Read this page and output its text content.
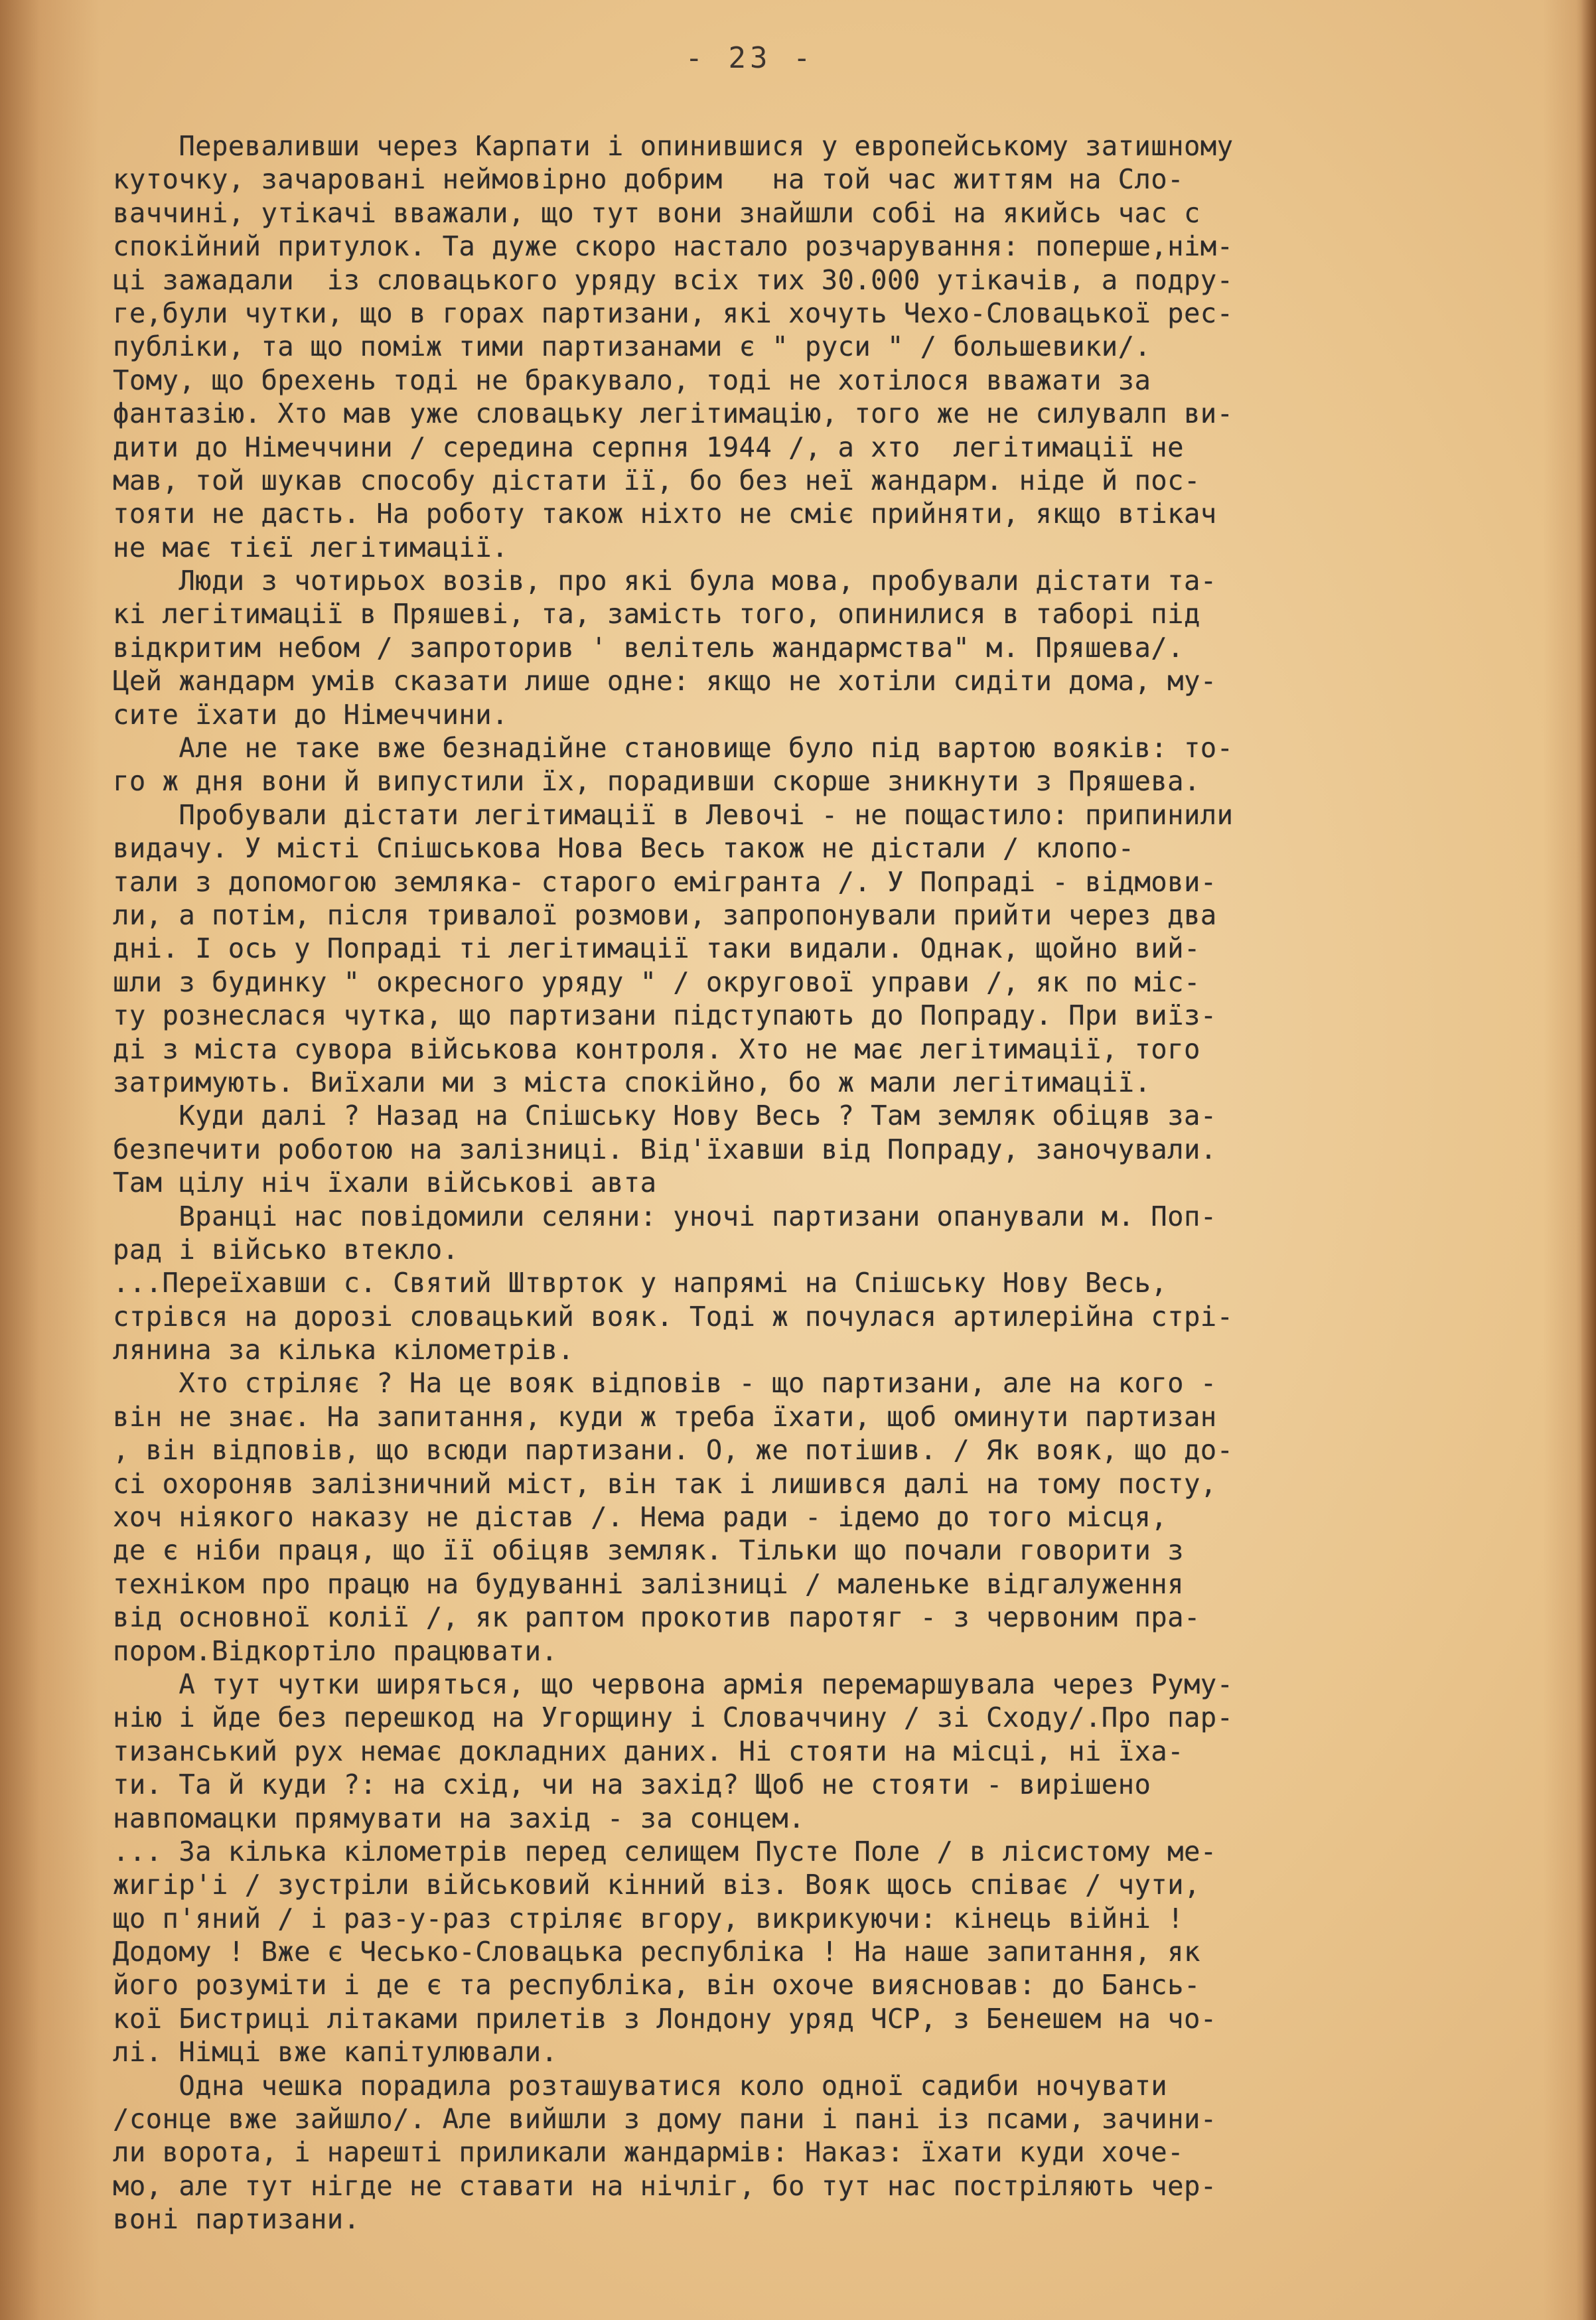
- 23 -
Переваливши через Карпати і опинившися у европейському затишному
куточку, зачаровані неймовірно добрим   на той час життям на Сло-
ваччині, утікачі вважали, що тут вони знайшли собі на якийсь час с
спокійний притулок. Та дуже скоро настало розчарування: поперше,нім-
ці зажадали  із словацького уряду всіх тих 30.000 утікачів, а подру-
ге,були чутки, що в горах партизани, які хочуть Чехо-Словацької рес-
публіки, та що поміж тими партизанами є " руси " / большевики/.
Тому, що брехень тоді не бракувало, тоді не хотілося вважати за
фантазію. Хто мав уже словацьку легітимацію, того же не силувалп ви-
дити до Німеччини / середина серпня 1944 /, а хто  легітимації не
мав, той шукав способу дістати її, бо без неї жандарм. ніде й пос-
тояти не дасть. На роботу також ніхто не сміє прийняти, якщо втікач
не має тієї легітимації.
Люди з чотирьох возів, про які була мова, пробували дістати та-
кі легітимації в Пряшеві, та, замість того, опинилися в таборі під
відкритим небом / запроторив ' велітель жандармства" м. Пряшева/.
Цей жандарм умів сказати лише одне: якщо не хотіли сидіти дома, му-
сите їхати до Німеччини.
Але не таке вже безнадійне становище було під вартою вояків: то-
го ж дня вони й випустили їх, порадивши скорше зникнути з Пряшева.
Пробували дістати легітимації в Левочі - не пощастило: припинили
видачу. У місті Спішськова Нова Весь також не дістали / клопо-
тали з допомогою земляка- старого емігранта /. У Попраді - відмови-
ли, а потім, після тривалої розмови, запропонували прийти через два
дні. І ось у Попраді ті легітимації таки видали. Однак, щойно вий-
шли з будинку " окресного уряду " / округової управи /, як по міс-
ту рознеслася чутка, що партизани підступають до Попраду. При виїз-
ді з міста сувора військова контроля. Хто не має легітимації, того
затримують. Виїхали ми з міста спокійно, бо ж мали легітимації.
Куди далі ? Назад на Спішську Нову Весь ? Там земляк обіцяв за-
безпечити роботою на залізниці. Від'їхавши від Попраду, заночували.
Там цілу ніч їхали військові авта
Вранці нас повідомили селяни: уночі партизани опанували м. Поп-
рад і військо втекло.
...Переїхавши с. Святий Штврток у напрямі на Спішську Нову Весь,
стрівся на дорозі словацький вояк. Тоді ж почулася артилерійна стрі-
лянина за кілька кілометрів.
Хто стріляє ? На це вояк відповів - що партизани, але на кого -
він не знає. На запитання, куди ж треба їхати, щоб оминути партизан
, він відповів, що всюди партизани. О, же потішив. / Як вояк, що до-
сі охороняв залізничний міст, він так і лишився далі на тому посту,
хоч ніякого наказу не дістав /. Нема ради - ідемо до того місця,
де є ніби праця, що її обіцяв земляк. Тільки що почали говорити з
техніком про працю на будуванні залізниці / маленьке відгалуження
від основної колії /, як раптом прокотив паротяг - з червоним пра-
пором.Відкортіло працювати.
А тут чутки ширяться, що червона армія перемаршувала через Руму-
нію і йде без перешкод на Угорщину і Словаччину / зі Сходу/.Про пар-
тизанський рух немає докладних даних. Ні стояти на місці, ні їха-
ти. Та й куди ?: на схід, чи на захід? Щоб не стояти - вирішено
навпомацки прямувати на захід - за сонцем.
... За кілька кілометрів перед селищем Пусте Поле / в лісистому ме-
жигір'і / зустріли військовий кінний віз. Вояк щось співає / чути,
що п'яний / і раз-у-раз стріляє вгору, викрикуючи: кінець війні !
Додому ! Вже є Чесько-Словацька республіка ! На наше запитання, як
його розуміти і де є та республіка, він охоче виясновав: до Бансь-
кої Бистриці літаками прилетів з Лондону уряд ЧСР, з Бенешем на чо-
лі. Німці вже капітулювали.
Одна чешка порадила розташуватися коло одної садиби ночувати
/сонце вже зайшло/. Але вийшли з дому пани і пані із псами, зачини-
ли ворота, і нарешті приликали жандармів: Наказ: їхати куди хоче-
мо, але тут нігде не ставати на нічліг, бо тут нас постріляють чер-
воні партизани.
